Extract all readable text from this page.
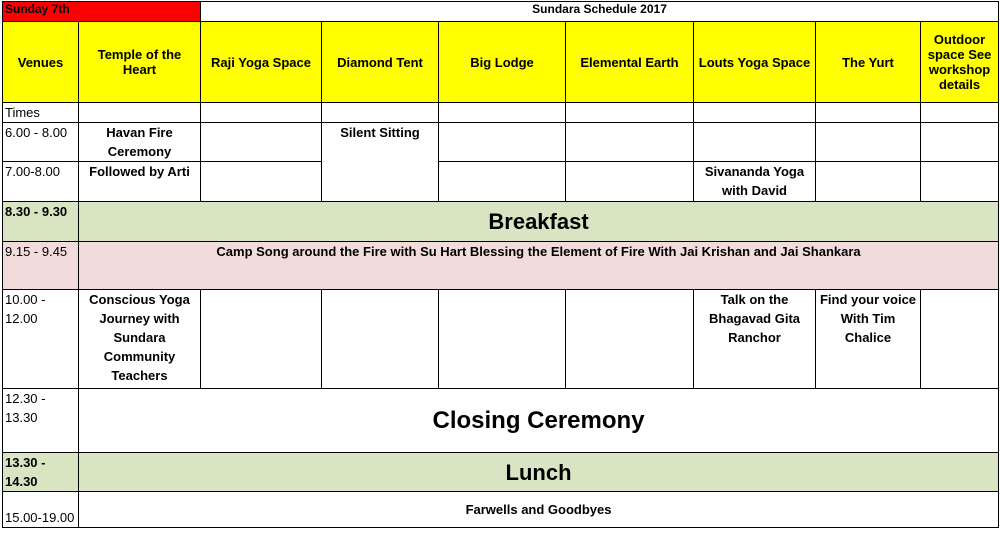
Sunday 7th		Sundara Schedule 2017						
Venues	Temple of the Heart	Raji Yoga Space	Diamond Tent	Big Lodge	Elemental Earth	Louts Yoga Space	The Yurt	Outdoor space See workshop details
Times								
6.00 - 8.00	Havan Fire Ceremony		Silent Sitting					
7.00-8.00	Followed by Arti					Sivananda Yoga with David		
8.30 - 9.30	Breakfast							
9.15 - 9.45	Camp Song around the Fire with Su Hart Blessing the Element of Fire With Jai Krishan and Jai Shankara							
10.00 - 12.00	Conscious Yoga Journey with Sundara Community Teachers					Talk on the Bhagavad Gita Ranchor	Find your voice With Tim Chalice	
12.30 - 13.30	Closing Ceremony							
13.30 - 14.30	Lunch							
15.00-19.00	Farwells and Goodbyes							
